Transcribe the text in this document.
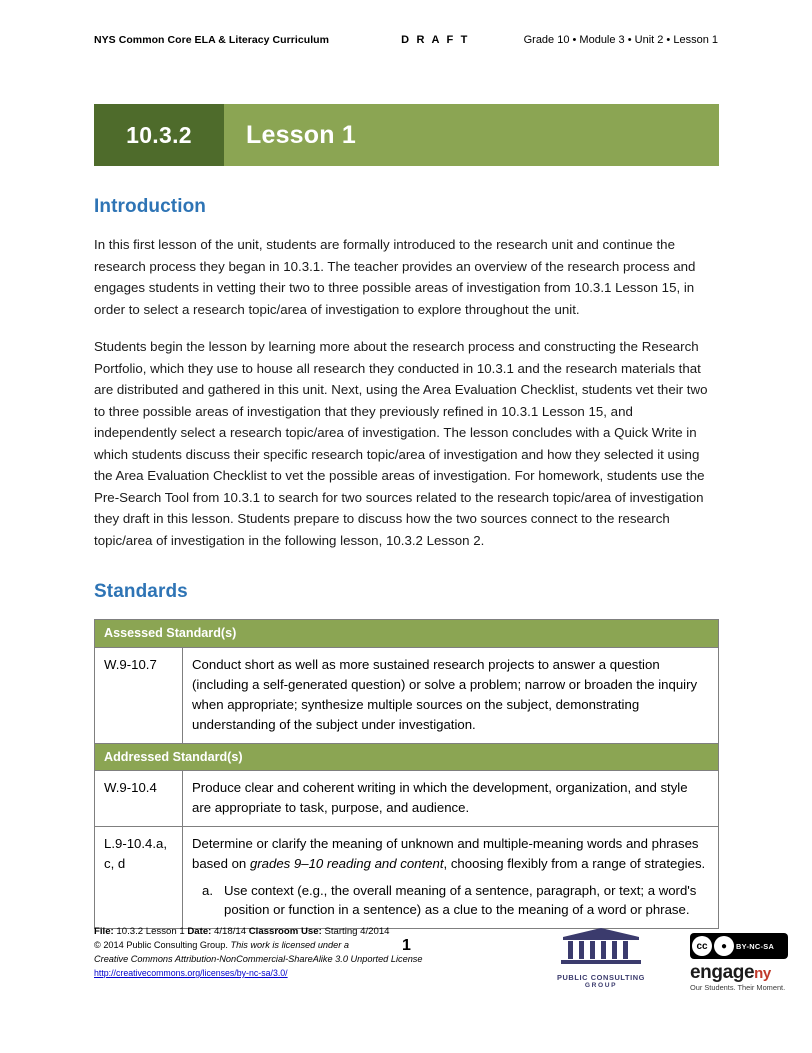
NYS Common Core ELA & Literacy Curriculum	D R A F T	Grade 10 • Module 3 • Unit 2 • Lesson 1
10.3.2	Lesson 1
Introduction

In this first lesson of the unit, students are formally introduced to the research unit and continue the research process they began in 10.3.1. The teacher provides an overview of the research process and engages students in vetting their two to three possible areas of investigation from 10.3.1 Lesson 15, in order to select a research topic/area of investigation to explore throughout the unit.

Students begin the lesson by learning more about the research process and constructing the Research Portfolio, which they use to house all research they conducted in 10.3.1 and the research materials that are distributed and gathered in this unit. Next, using the Area Evaluation Checklist, students vet their two to three possible areas of investigation that they previously refined in 10.3.1 Lesson 15, and independently select a research topic/area of investigation. The lesson concludes with a Quick Write in which students discuss their specific research topic/area of investigation and how they selected it using the Area Evaluation Checklist to vet the possible areas of investigation. For homework, students use the Pre-Search Tool from 10.3.1 to search for two sources related to the research topic/area of investigation they draft in this lesson. Students prepare to discuss how the two sources connect to the research topic/area of investigation in the following lesson, 10.3.2 Lesson 2.

Standards
Assessed Standard(s)	
W.9-10.7	Conduct short as well as more sustained research projects to answer a question (including a self-generated question) or solve a problem; narrow or broaden the inquiry when appropriate; synthesize multiple sources on the subject, demonstrating understanding of the subject under investigation.
Addressed Standard(s)	
W.9-10.4	Produce clear and coherent writing in which the development, organization, and style are appropriate to task, purpose, and audience.
L.9-10.4.a, c, d	Determine or clarify the meaning of unknown and multiple-meaning words and phrases based on grades 9–10 reading and content, choosing flexibly from a range of strategies.
a. Use context (e.g., the overall meaning of a sentence, paragraph, or text; a word's position or function in a sentence) as a clue to the meaning of a word or phrase.
File: 10.3.2 Lesson 1 Date: 4/18/14 Classroom Use: Starting 4/2014
© 2014 Public Consulting Group. This work is licensed under a
Creative Commons Attribution-NonCommercial-ShareAlike 3.0 Unported License
http://creativecommons.org/licenses/by-nc-sa/3.0/
1
PUBLIC CONSULTING
GROUP
cc	●	BY-NC-SA
engageny
Our Students. Their Moment.
